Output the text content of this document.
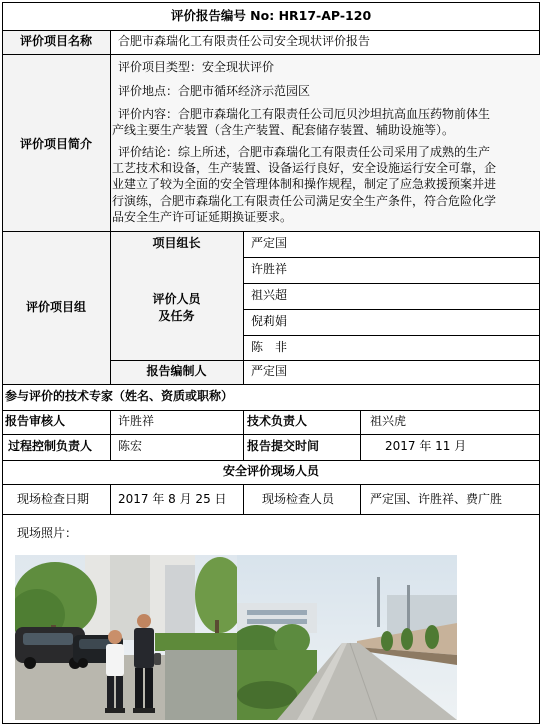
评价报告编号 No: HR17-AP-120
评价项目名称	合肥市森瑞化工有限责任公司安全现状评价报告
评价项目简介
评价项目类型：安全现状评价
评价地点：合肥市循环经济示范园区
评价内容：合肥市森瑞化工有限责任公司厄贝沙坦抗高血压药物前体生
产线主要生产装置（含生产装置、配套储存装置、辅助设施等）。
评价结论：综上所述，合肥市森瑞化工有限责任公司采用了成熟的生产
工艺技术和设备，生产装置、设备运行良好，安全设施运行安全可靠，企
业建立了较为全面的安全管理体制和操作规程，制定了应急救援预案并进
行演练，合肥市森瑞化工有限责任公司满足安全生产条件，符合危险化学
品安全生产许可证延期换证要求。
评价项目组
项目组长	严定国
评价人员
及任务
许胜祥
祖兴超
倪莉娟
陈　非
报告编制人	严定国
参与评价的技术专家（姓名、资质或职称）
报告审核人	许胜祥	技术负责人	祖兴虎
过程控制负责人 陈宏	报告提交时间	2017 年 11 月
安全评价现场人员
现场检查日期 2017 年 8 月 25 日	现场检查人员	严定国、许胜祥、费广胜
现场照片：
